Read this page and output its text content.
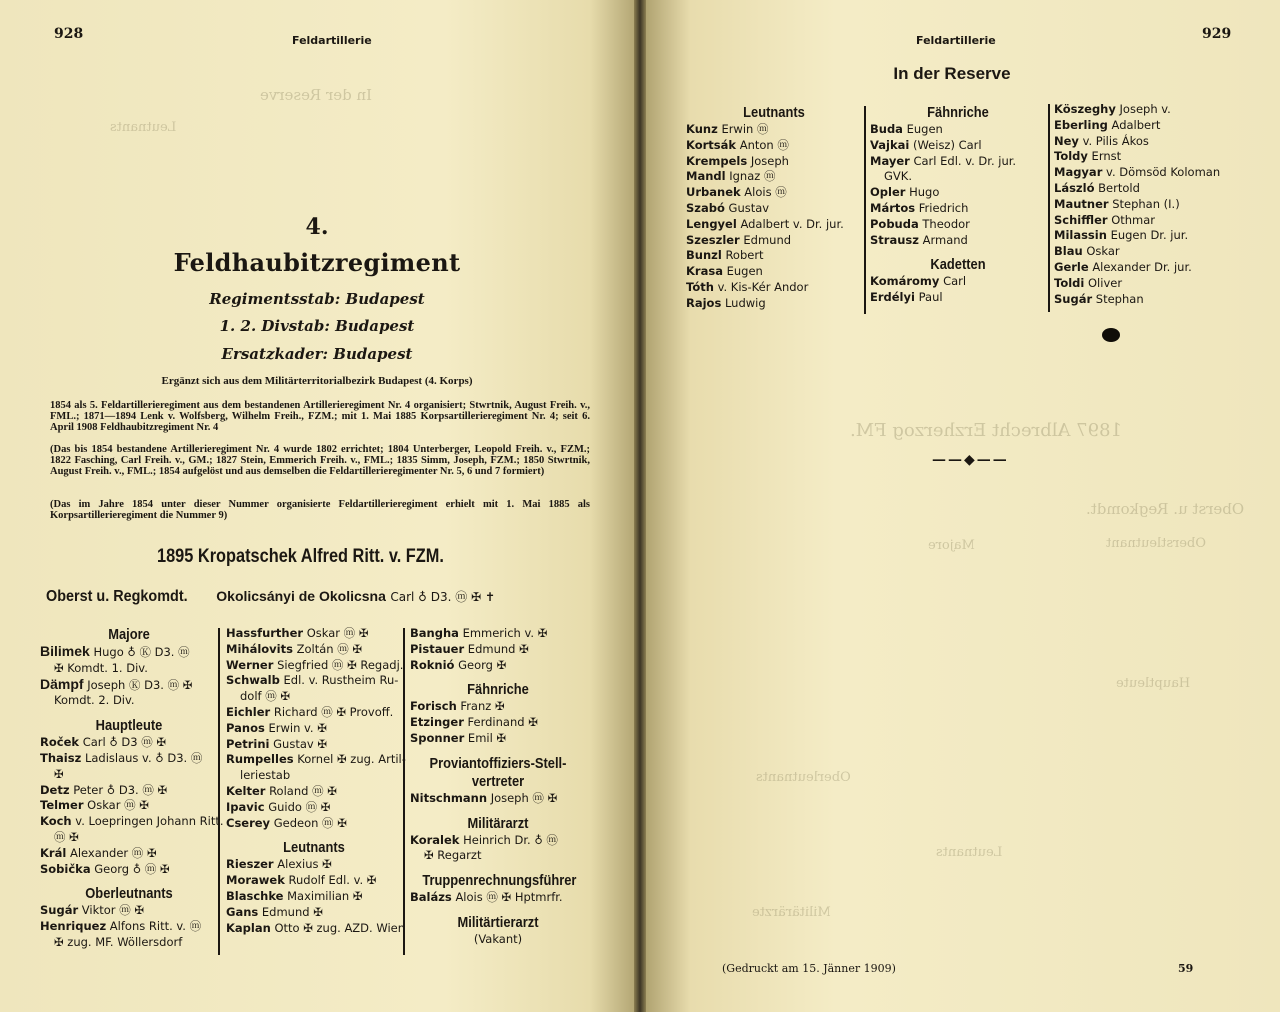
In der Reserve
Leutnants
928	Feldartillerie
4.
Feldhaubitzregiment
Regimentsstab: Budapest
1. 2. Divstab: Budapest
Ersatzkader: Budapest
Ergänzt sich aus dem Militärterritorialbezirk Budapest (4. Korps)
1854 als 5. Feldartillerieregiment aus dem bestandenen Artillerieregiment Nr. 4 organisiert; Stwrtnik, August Freih. v., FML.; 1871—1894 Lenk v. Wolfsberg, Wilhelm Freih., FZM.; mit 1. Mai 1885 Korpsartillerieregiment Nr. 4; seit 6. April 1908 Feldhaubitzregiment Nr. 4
(Das bis 1854 bestandene Artillerieregiment Nr. 4 wurde 1802 errichtet; 1804 Unterberger, Leopold Freih. v., FZM.; 1822 Fasching, Carl Freih. v., GM.; 1827 Stein, Emmerich Freih. v., FML.; 1835 Simm, Joseph, FZM.; 1850 Stwrtnik, August Freih. v., FML.; 1854 aufgelöst und aus demselben die Feldartillerieregimenter Nr. 5, 6 und 7 formiert)
(Das im Jahre 1854 unter dieser Nummer organisierte Feldartillerieregiment erhielt mit 1. Mai 1885 als Korpsartillerieregiment die Nummer 9)
1895 Kropatschek Alfred Ritt. v. FZM.
Oberst u. Regkomdt. Okolicsányi de Okolicsna Carl ♁ D3. ⓜ ✠ ✝
Majore
Bilimek Hugo ♁ Ⓚ D3. ⓜ
✠ Komdt. 1. Div.
Dämpf Joseph Ⓚ D3. ⓜ ✠
Komdt. 2. Div.
Hauptleute
Roček Carl ♁ D3 ⓜ ✠
Thaisz Ladislaus v. ♁ D3. ⓜ
✠
Detz Peter ♁ D3. ⓜ ✠
Telmer Oskar ⓜ ✠
Koch v. Loepringen Johann Ritt.
ⓜ ✠
Král Alexander ⓜ ✠
Sobička Georg ♁ ⓜ ✠
Oberleutnants
Sugár Viktor ⓜ ✠
Henriquez Alfons Ritt. v. ⓜ
✠ zug. MF. Wöllersdorf
Hassfurther Oskar ⓜ ✠
Mihálovits Zoltán ⓜ ✠
Werner Siegfried ⓜ ✠ Regadj.
Schwalb Edl. v. Rustheim Ru-
dolf ⓜ ✠
Eichler Richard ⓜ ✠ Provoff.
Panos Erwin v. ✠
Petrini Gustav ✠
Rumpelles Kornel ✠ zug. Artil-
leriestab
Kelter Roland ⓜ ✠
Ipavic Guido ⓜ ✠
Cserey Gedeon ⓜ ✠
Leutnants
Rieszer Alexius ✠
Morawek Rudolf Edl. v. ✠
Blaschke Maximilian ✠
Gans Edmund ✠
Kaplan Otto ✠ zug. AZD. Wien
Bangha Emmerich v. ✠
Pistauer Edmund ✠
Roknió Georg ✠
Fähnriche
Forisch Franz ✠
Etzinger Ferdinand ✠
Sponner Emil ✠
Proviantoffiziers-Stell-
vertreter
Nitschmann Joseph ⓜ ✠
Militärarzt
Koralek Heinrich Dr. ♁ ⓜ
✠ Regarzt
Truppenrechnungsführer
Balázs Alois ⓜ ✠ Hptmrfr.
Militärtierarzt
(Vakant)
1897 Albrecht Erzherzog FM.
Oberst u. Regkomdt.
Oberstleutnant
Majore
Hauptleute
Oberleutnants
Leutnants
Militärärzte
Feldartillerie	929
In der Reserve
Leutnants
Kunz Erwin ⓜ
Kortsák Anton ⓜ
Krempels Joseph
Mandl Ignaz ⓜ
Urbanek Alois ⓜ
Szabó Gustav
Lengyel Adalbert v. Dr. jur.
Szeszler Edmund
Bunzl Robert
Krasa Eugen
Tóth v. Kis-Kér Andor
Rajos Ludwig
Fähnriche
Buda Eugen
Vajkai (Weisz) Carl
Mayer Carl Edl. v. Dr. jur.
GVK.
Opler Hugo
Mártos Friedrich
Pobuda Theodor
Strausz Armand
Kadetten
Komáromy Carl
Erdélyi Paul
Köszeghy Joseph v.
Eberling Adalbert
Ney v. Pilis Ákos
Toldy Ernst
Magyar v. Dömsöd Koloman
László Bertold
Mautner Stephan (I.)
Schiffler Othmar
Milassin Eugen Dr. jur.
Blau Oskar
Gerle Alexander Dr. jur.
Toldi Oliver
Sugár Stephan
——◆——
(Gedruckt am 15. Jänner 1909)	59
